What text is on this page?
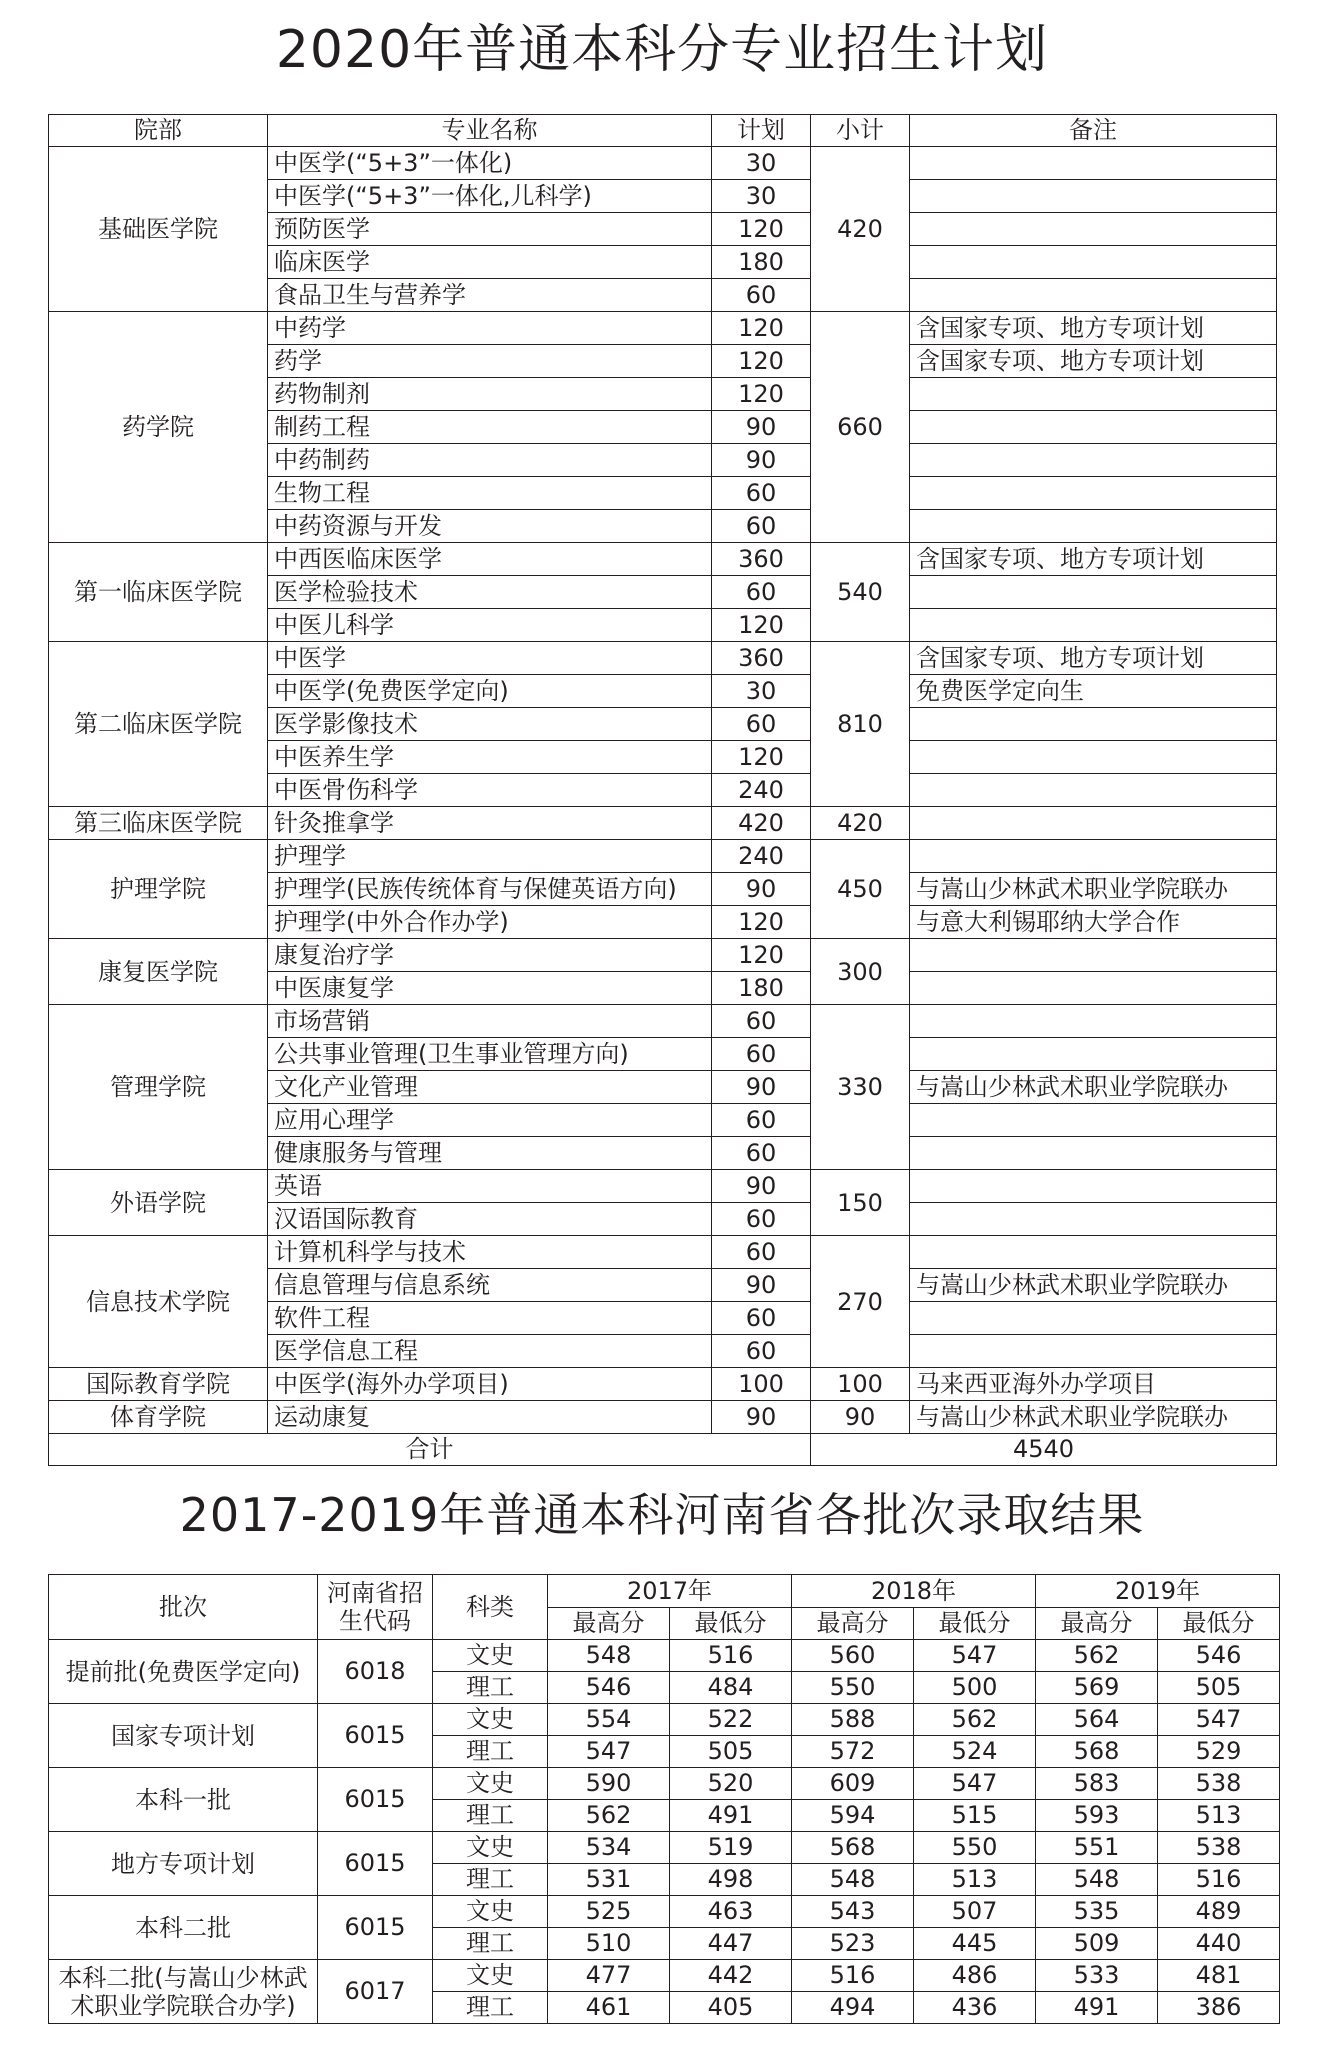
2020年普通本科分专业招生计划
院部	专业名称	计划	小计	备注
基础医学院	中医学(“5+3”一体化)	30	420	
	中医学(“5+3”一体化,儿科学)	30		
	预防医学	120		
	临床医学	180		
	食品卫生与营养学	60		
药学院	中药学	120	660	含国家专项、地方专项计划
	药学	120		含国家专项、地方专项计划
	药物制剂	120		
	制药工程	90		
	中药制药	90		
	生物工程	60		
	中药资源与开发	60		
第一临床医学院	中西医临床医学	360	540	含国家专项、地方专项计划
	医学检验技术	60		
	中医儿科学	120		
第二临床医学院	中医学	360	810	含国家专项、地方专项计划
	中医学(免费医学定向)	30		免费医学定向生
	医学影像技术	60		
	中医养生学	120		
	中医骨伤科学	240		
第三临床医学院	针灸推拿学	420	420	
护理学院	护理学	240	450	
	护理学(民族传统体育与保健英语方向)	90		与嵩山少林武术职业学院联办
	护理学(中外合作办学)	120		与意大利锡耶纳大学合作
康复医学院	康复治疗学	120	300	
	中医康复学	180		
管理学院	市场营销	60	330	
	公共事业管理(卫生事业管理方向)	60		
	文化产业管理	90		与嵩山少林武术职业学院联办
	应用心理学	60		
	健康服务与管理	60		
外语学院	英语	90	150	
	汉语国际教育	60		
信息技术学院	计算机科学与技术	60	270	
	信息管理与信息系统	90		与嵩山少林武术职业学院联办
	软件工程	60		
	医学信息工程	60		
国际教育学院	中医学(海外办学项目)	100	100	马来西亚海外办学项目
体育学院	运动康复	90	90	与嵩山少林武术职业学院联办
合计			4540	
2017-2019年普通本科河南省各批次录取结果
批次	河南省招生代码	科类	2017年		2018年		2019年	
			最高分	最低分	最高分	最低分	最高分	最低分
提前批(免费医学定向)	6018	文史	548	516	560	547	562	546
		理工	546	484	550	500	569	505
国家专项计划	6015	文史	554	522	588	562	564	547
		理工	547	505	572	524	568	529
本科一批	6015	文史	590	520	609	547	583	538
		理工	562	491	594	515	593	513
地方专项计划	6015	文史	534	519	568	550	551	538
		理工	531	498	548	513	548	516
本科二批	6015	文史	525	463	543	507	535	489
		理工	510	447	523	445	509	440
本科二批(与嵩山少林武术职业学院联合办学)	6017	文史	477	442	516	486	533	481
		理工	461	405	494	436	491	386
